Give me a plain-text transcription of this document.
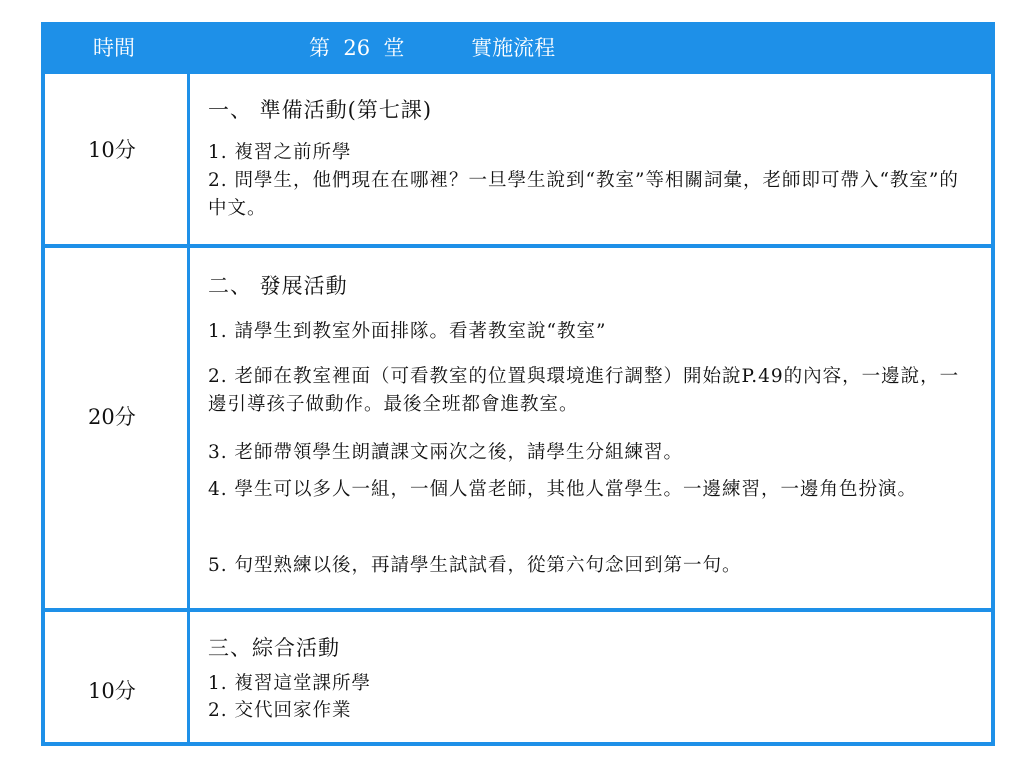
時間	第  26  堂          實施流程
10分
一、 準備活動(第七課)
1. 複習之前所學
2. 問學生，他們現在在哪裡？一旦學生說到“教室”等相關詞彙，老師即可帶入“教室”的中文。
20分
二、 發展活動
1. 請學生到教室外面排隊。看著教室說“教室”
2. 老師在教室裡面（可看教室的位置與環境進行調整）開始說P.49的內容，一邊說，一邊引導孩子做動作。最後全班都會進教室。
3. 老師帶領學生朗讀課文兩次之後，請學生分組練習。
4. 學生可以多人一組，一個人當老師，其他人當學生。一邊練習，一邊角色扮演。
5. 句型熟練以後，再請學生試試看，從第六句念回到第一句。
10分
三、綜合活動
1. 複習這堂課所學
2. 交代回家作業
